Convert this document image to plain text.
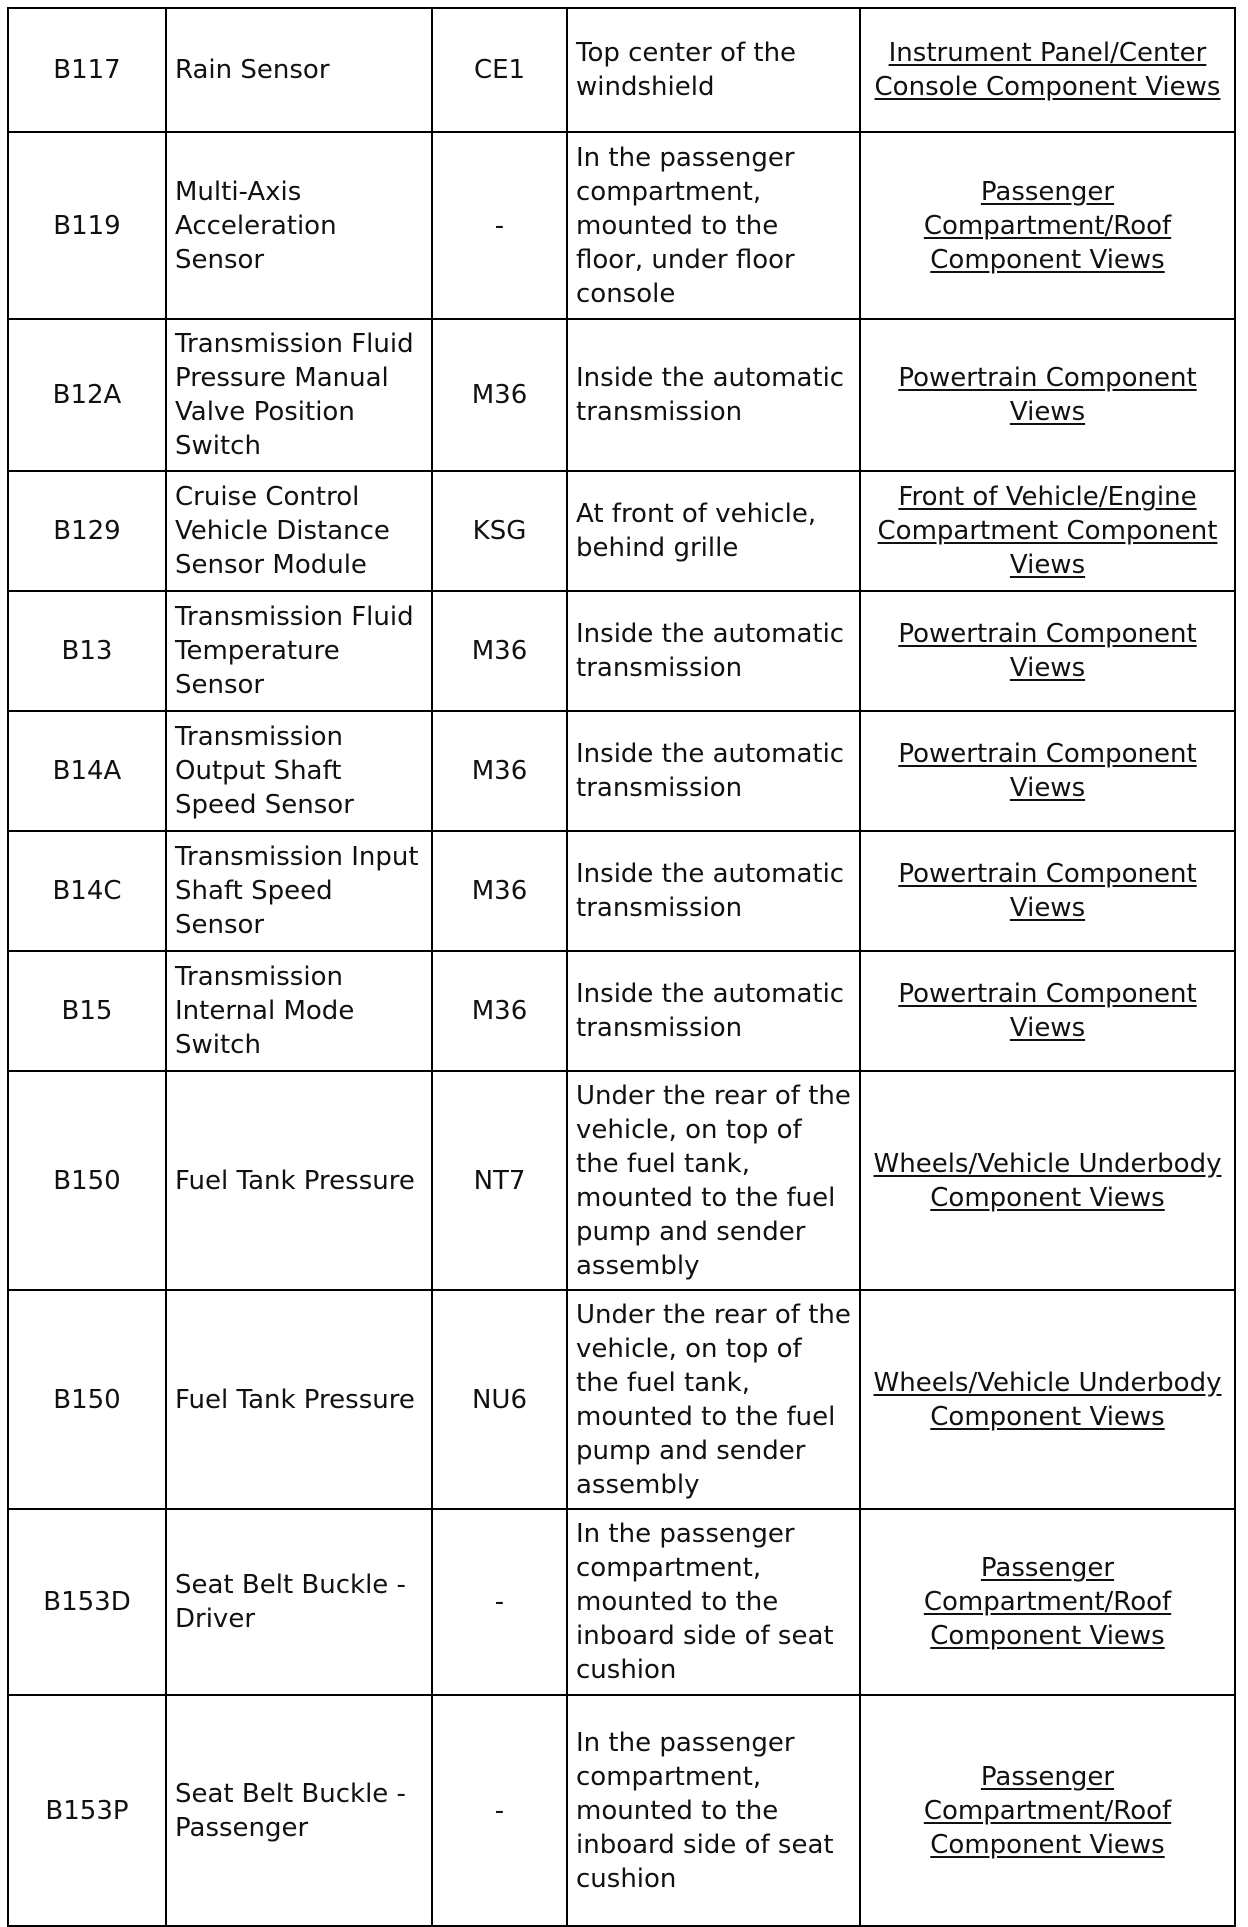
B117	Rain Sensor	CE1	Top center of the windshield	Instrument Panel/Center Console Component Views
B119	Multi-Axis Acceleration Sensor	-	In the passenger compartment, mounted to the floor, under floor console	Passenger Compartment/Roof Component Views
B12A	Transmission Fluid Pressure Manual Valve Position Switch	M36	Inside the automatic transmission	Powertrain Component Views
B129	Cruise Control Vehicle Distance Sensor Module	KSG	At front of vehicle, behind grille	Front of Vehicle/Engine Compartment Component Views
B13	Transmission Fluid Temperature Sensor	M36	Inside the automatic transmission	Powertrain Component Views
B14A	Transmission Output Shaft Speed Sensor	M36	Inside the automatic transmission	Powertrain Component Views
B14C	Transmission Input Shaft Speed Sensor	M36	Inside the automatic transmission	Powertrain Component Views
B15	Transmission Internal Mode Switch	M36	Inside the automatic transmission	Powertrain Component Views
B150	Fuel Tank Pressure	NT7	Under the rear of the vehicle, on top of the fuel tank, mounted to the fuel pump and sender assembly	Wheels/Vehicle Underbody Component Views
B150	Fuel Tank Pressure	NU6	Under the rear of the vehicle, on top of the fuel tank, mounted to the fuel pump and sender assembly	Wheels/Vehicle Underbody Component Views
B153D	Seat Belt Buckle - Driver	-	In the passenger compartment, mounted to the inboard side of seat cushion	Passenger Compartment/Roof Component Views
B153P	Seat Belt Buckle - Passenger	-	In the passenger compartment, mounted to the inboard side of seat cushion	Passenger Compartment/Roof Component Views
